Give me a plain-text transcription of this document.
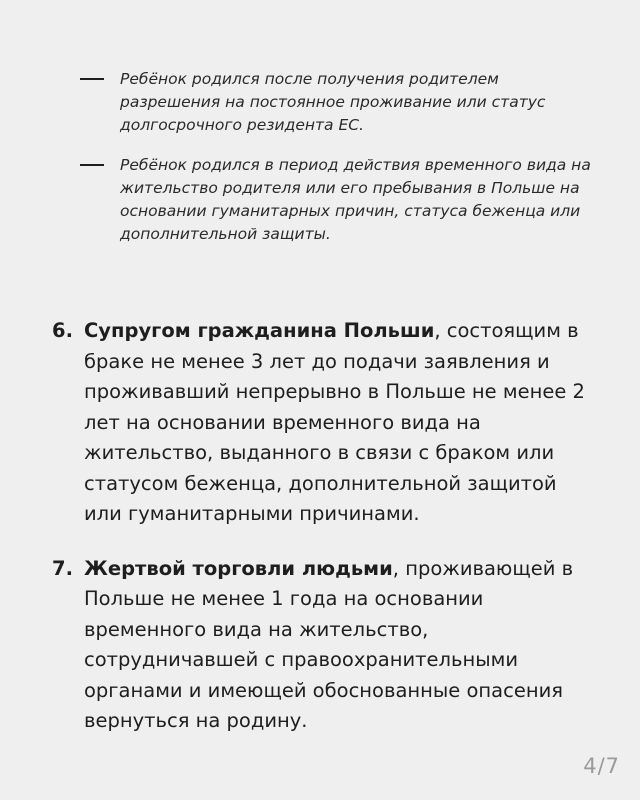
Ребёнок родился после получения родителем разрешения на постоянное проживание или статус долгосрочного резидента ЕС.
Ребёнок родился в период действия временного вида на жительство родителя или его пребывания в Польше на основании гуманитарных причин, статуса беженца или дополнительной защиты.
6. Супругом гражданина Польши, состоящим в браке не менее 3 лет до подачи заявления и проживавший непрерывно в Польше не менее 2 лет на основании временного вида на жительство, выданного в связи с браком или статусом беженца, дополнительной защитой или гуманитарными причинами.
7. Жертвой торговли людьми, проживающей в Польше не менее 1 года на основании временного вида на жительство, сотрудничавшей с правоохранительными органами и имеющей обоснованные опасения вернуться на родину.
4/7
